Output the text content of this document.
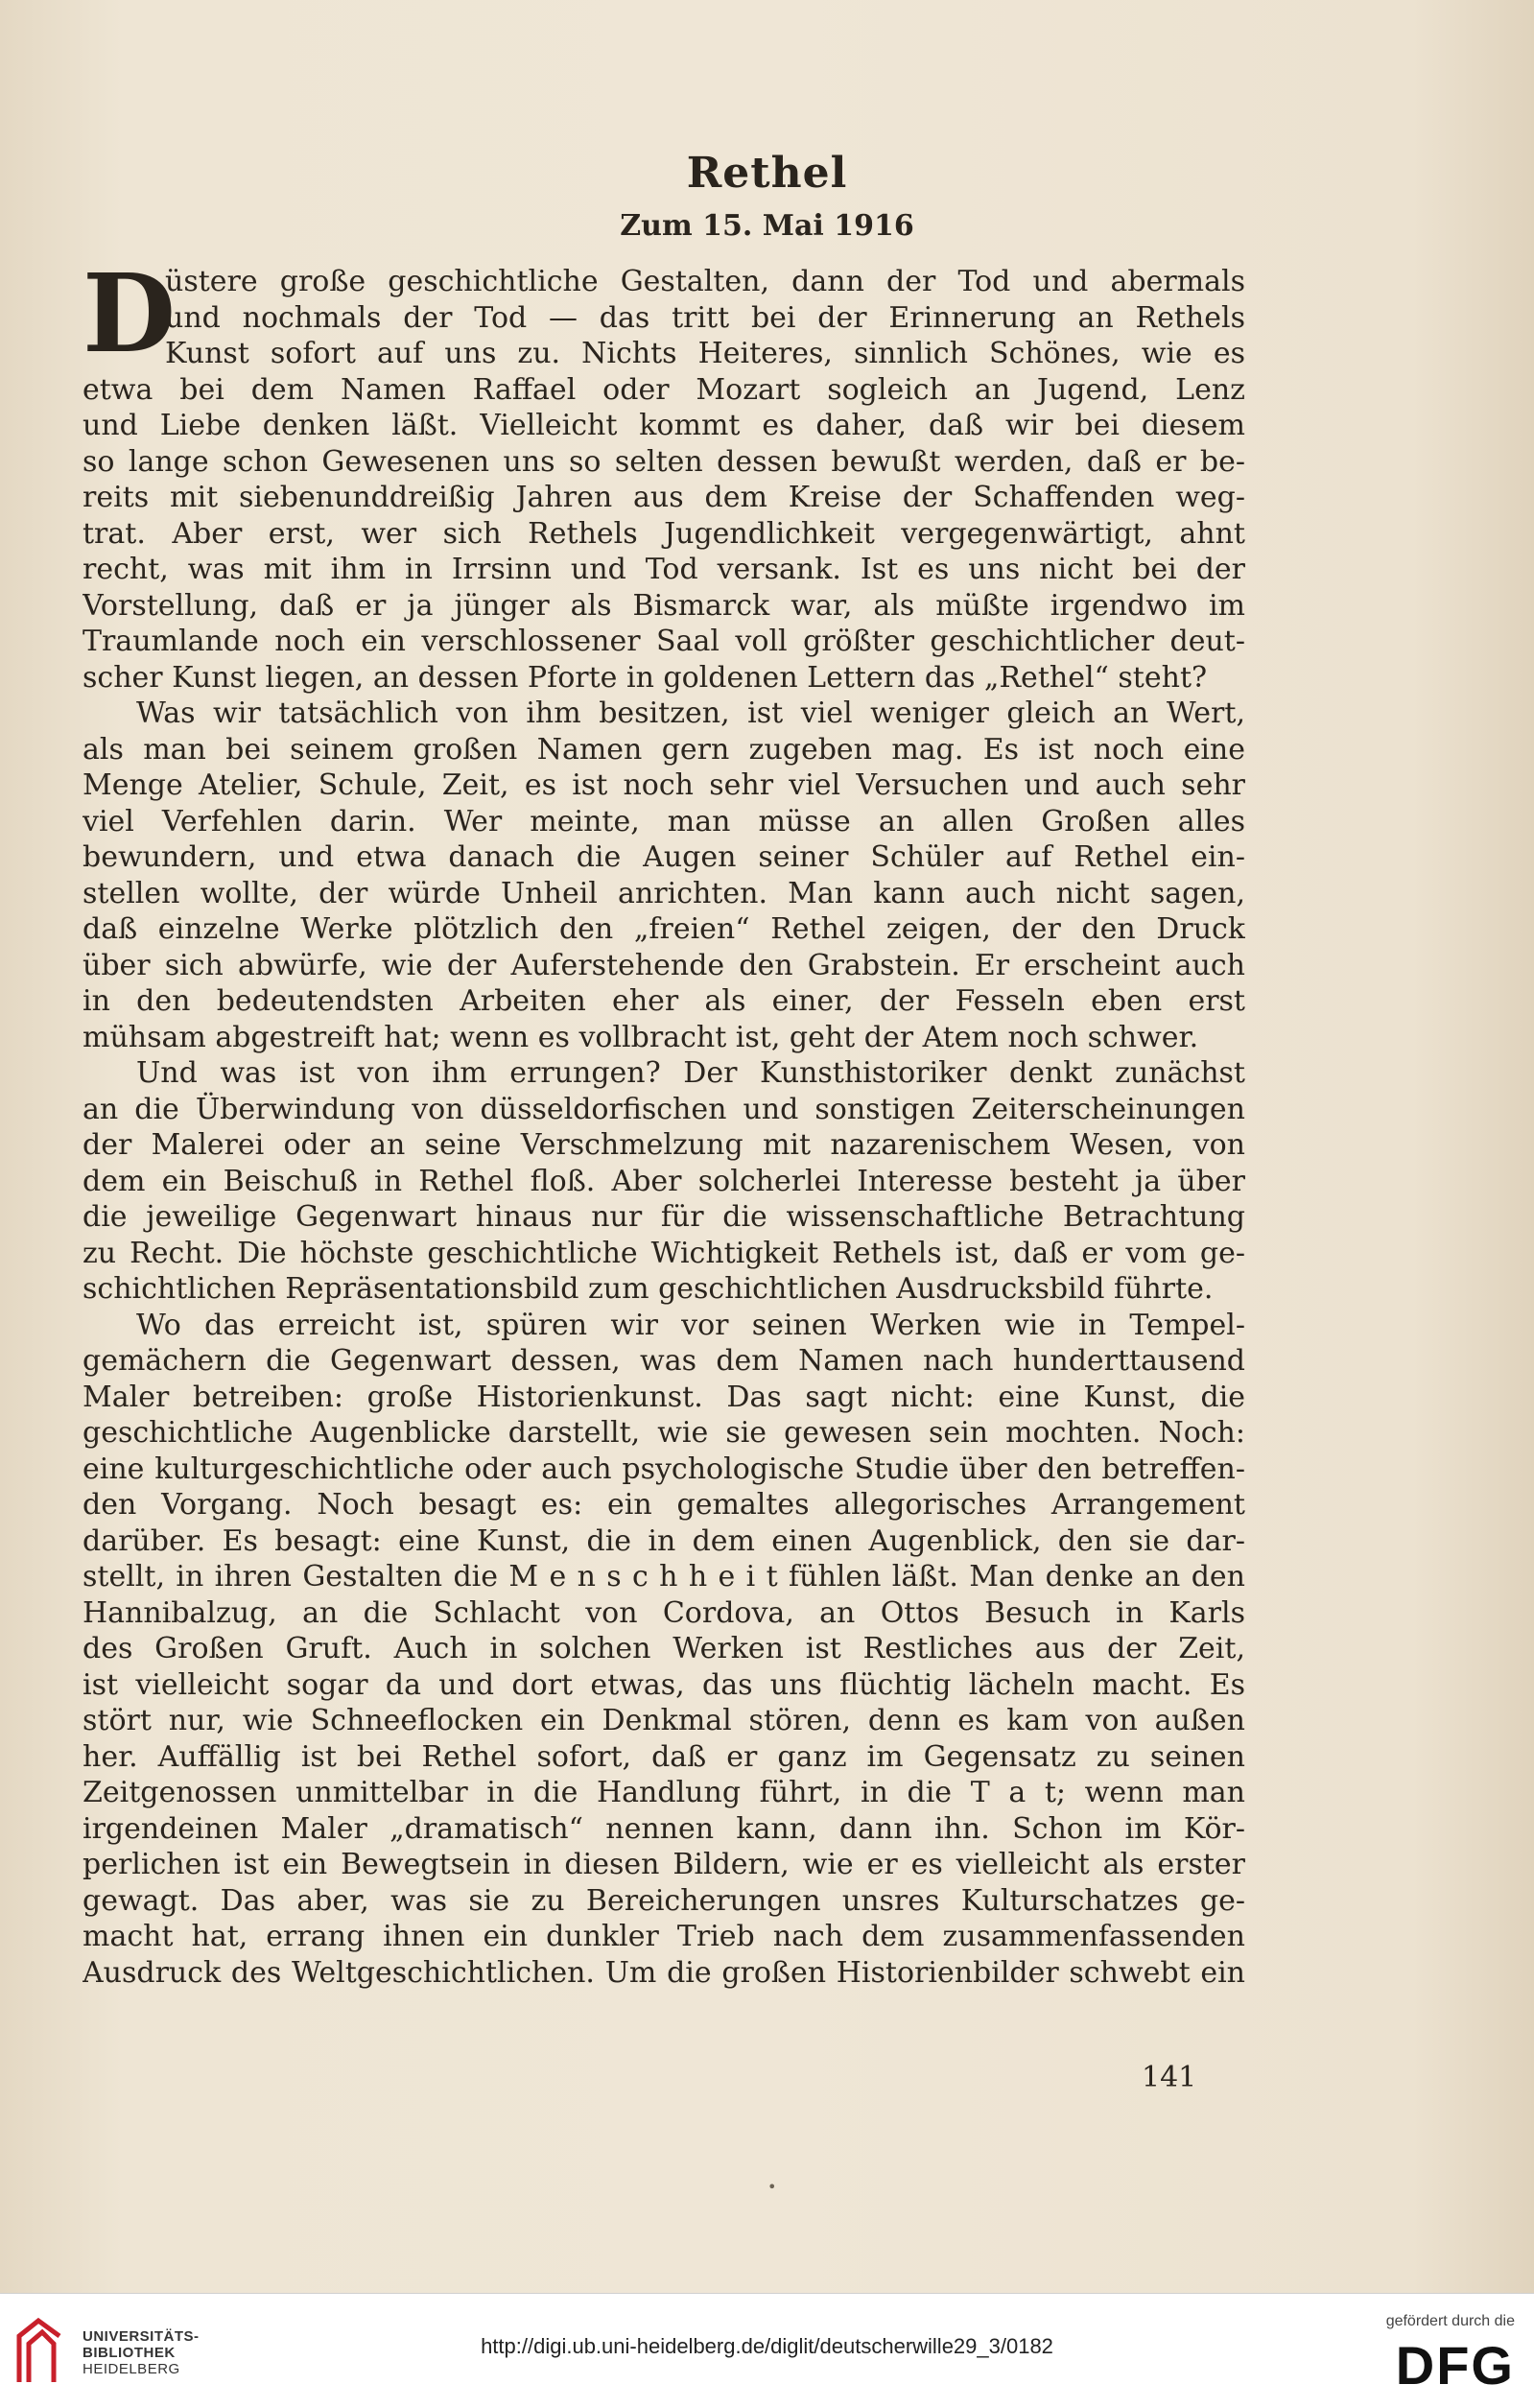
Rethel
Zum 15. Mai 1916
D
üstere große geschichtliche Gestalten, dann der Tod und abermals
und nochmals der Tod — das tritt bei der Erinnerung an Rethels
Kunst sofort auf uns zu. Nichts Heiteres, sinnlich Schönes, wie es
etwa bei dem Namen Raffael oder Mozart sogleich an Jugend, Lenz
und Liebe denken läßt. Vielleicht kommt es daher, daß wir bei diesem
so lange schon Gewesenen uns so selten dessen bewußt werden, daß er be-
reits mit siebenunddreißig Jahren aus dem Kreise der Schaffenden weg-
trat. Aber erst, wer sich Rethels Jugendlichkeit vergegenwärtigt, ahnt
recht, was mit ihm in Irrsinn und Tod versank. Ist es uns nicht bei der
Vorstellung, daß er ja jünger als Bismarck war, als müßte irgendwo im
Traumlande noch ein verschlossener Saal voll größter geschichtlicher deut-
scher Kunst liegen, an dessen Pforte in goldenen Lettern das „Rethel“ steht?
Was wir tatsächlich von ihm besitzen, ist viel weniger gleich an Wert,
als man bei seinem großen Namen gern zugeben mag. Es ist noch eine
Menge Atelier, Schule, Zeit, es ist noch sehr viel Versuchen und auch sehr
viel Verfehlen darin. Wer meinte, man müsse an allen Großen alles
bewundern, und etwa danach die Augen seiner Schüler auf Rethel ein-
stellen wollte, der würde Unheil anrichten. Man kann auch nicht sagen,
daß einzelne Werke plötzlich den „freien“ Rethel zeigen, der den Druck
über sich abwürfe, wie der Auferstehende den Grabstein. Er erscheint auch
in den bedeutendsten Arbeiten eher als einer, der Fesseln eben erst
mühsam abgestreift hat; wenn es vollbracht ist, geht der Atem noch schwer.
Und was ist von ihm errungen? Der Kunsthistoriker denkt zunächst
an die Überwindung von düsseldorfischen und sonstigen Zeiterscheinungen
der Malerei oder an seine Verschmelzung mit nazarenischem Wesen, von
dem ein Beischuß in Rethel floß. Aber solcherlei Interesse besteht ja über
die jeweilige Gegenwart hinaus nur für die wissenschaftliche Betrachtung
zu Recht. Die höchste geschichtliche Wichtigkeit Rethels ist, daß er vom ge-
schichtlichen Repräsentationsbild zum geschichtlichen Ausdrucksbild führte.
Wo das erreicht ist, spüren wir vor seinen Werken wie in Tempel-
gemächern die Gegenwart dessen, was dem Namen nach hunderttausend
Maler betreiben: große Historienkunst. Das sagt nicht: eine Kunst, die
geschichtliche Augenblicke darstellt, wie sie gewesen sein mochten. Noch:
eine kulturgeschichtliche oder auch psychologische Studie über den betreffen-
den Vorgang. Noch besagt es: ein gemaltes allegorisches Arrangement
darüber. Es besagt: eine Kunst, die in dem einen Augenblick, den sie dar-
stellt, in ihren Gestalten die M e n s c h h e i t fühlen läßt. Man denke an den
Hannibalzug, an die Schlacht von Cordova, an Ottos Besuch in Karls
des Großen Gruft. Auch in solchen Werken ist Restliches aus der Zeit,
ist vielleicht sogar da und dort etwas, das uns flüchtig lächeln macht. Es
stört nur, wie Schneeflocken ein Denkmal stören, denn es kam von außen
her. Auffällig ist bei Rethel sofort, daß er ganz im Gegensatz zu seinen
Zeitgenossen unmittelbar in die Handlung führt, in die T a t; wenn man
irgendeinen Maler „dramatisch“ nennen kann, dann ihn. Schon im Kör-
perlichen ist ein Bewegtsein in diesen Bildern, wie er es vielleicht als erster
gewagt. Das aber, was sie zu Bereicherungen unsres Kulturschatzes ge-
macht hat, errang ihnen ein dunkler Trieb nach dem zusammenfassenden
Ausdruck des Weltgeschichtlichen. Um die großen Historienbilder schwebt ein
141
•
UNIVERSITÄTS-
BIBLIOTHEK
HEIDELBERG
http://digi.ub.uni-heidelberg.de/diglit/deutscherwille29_3/0182
gefördert durch die
DFG
